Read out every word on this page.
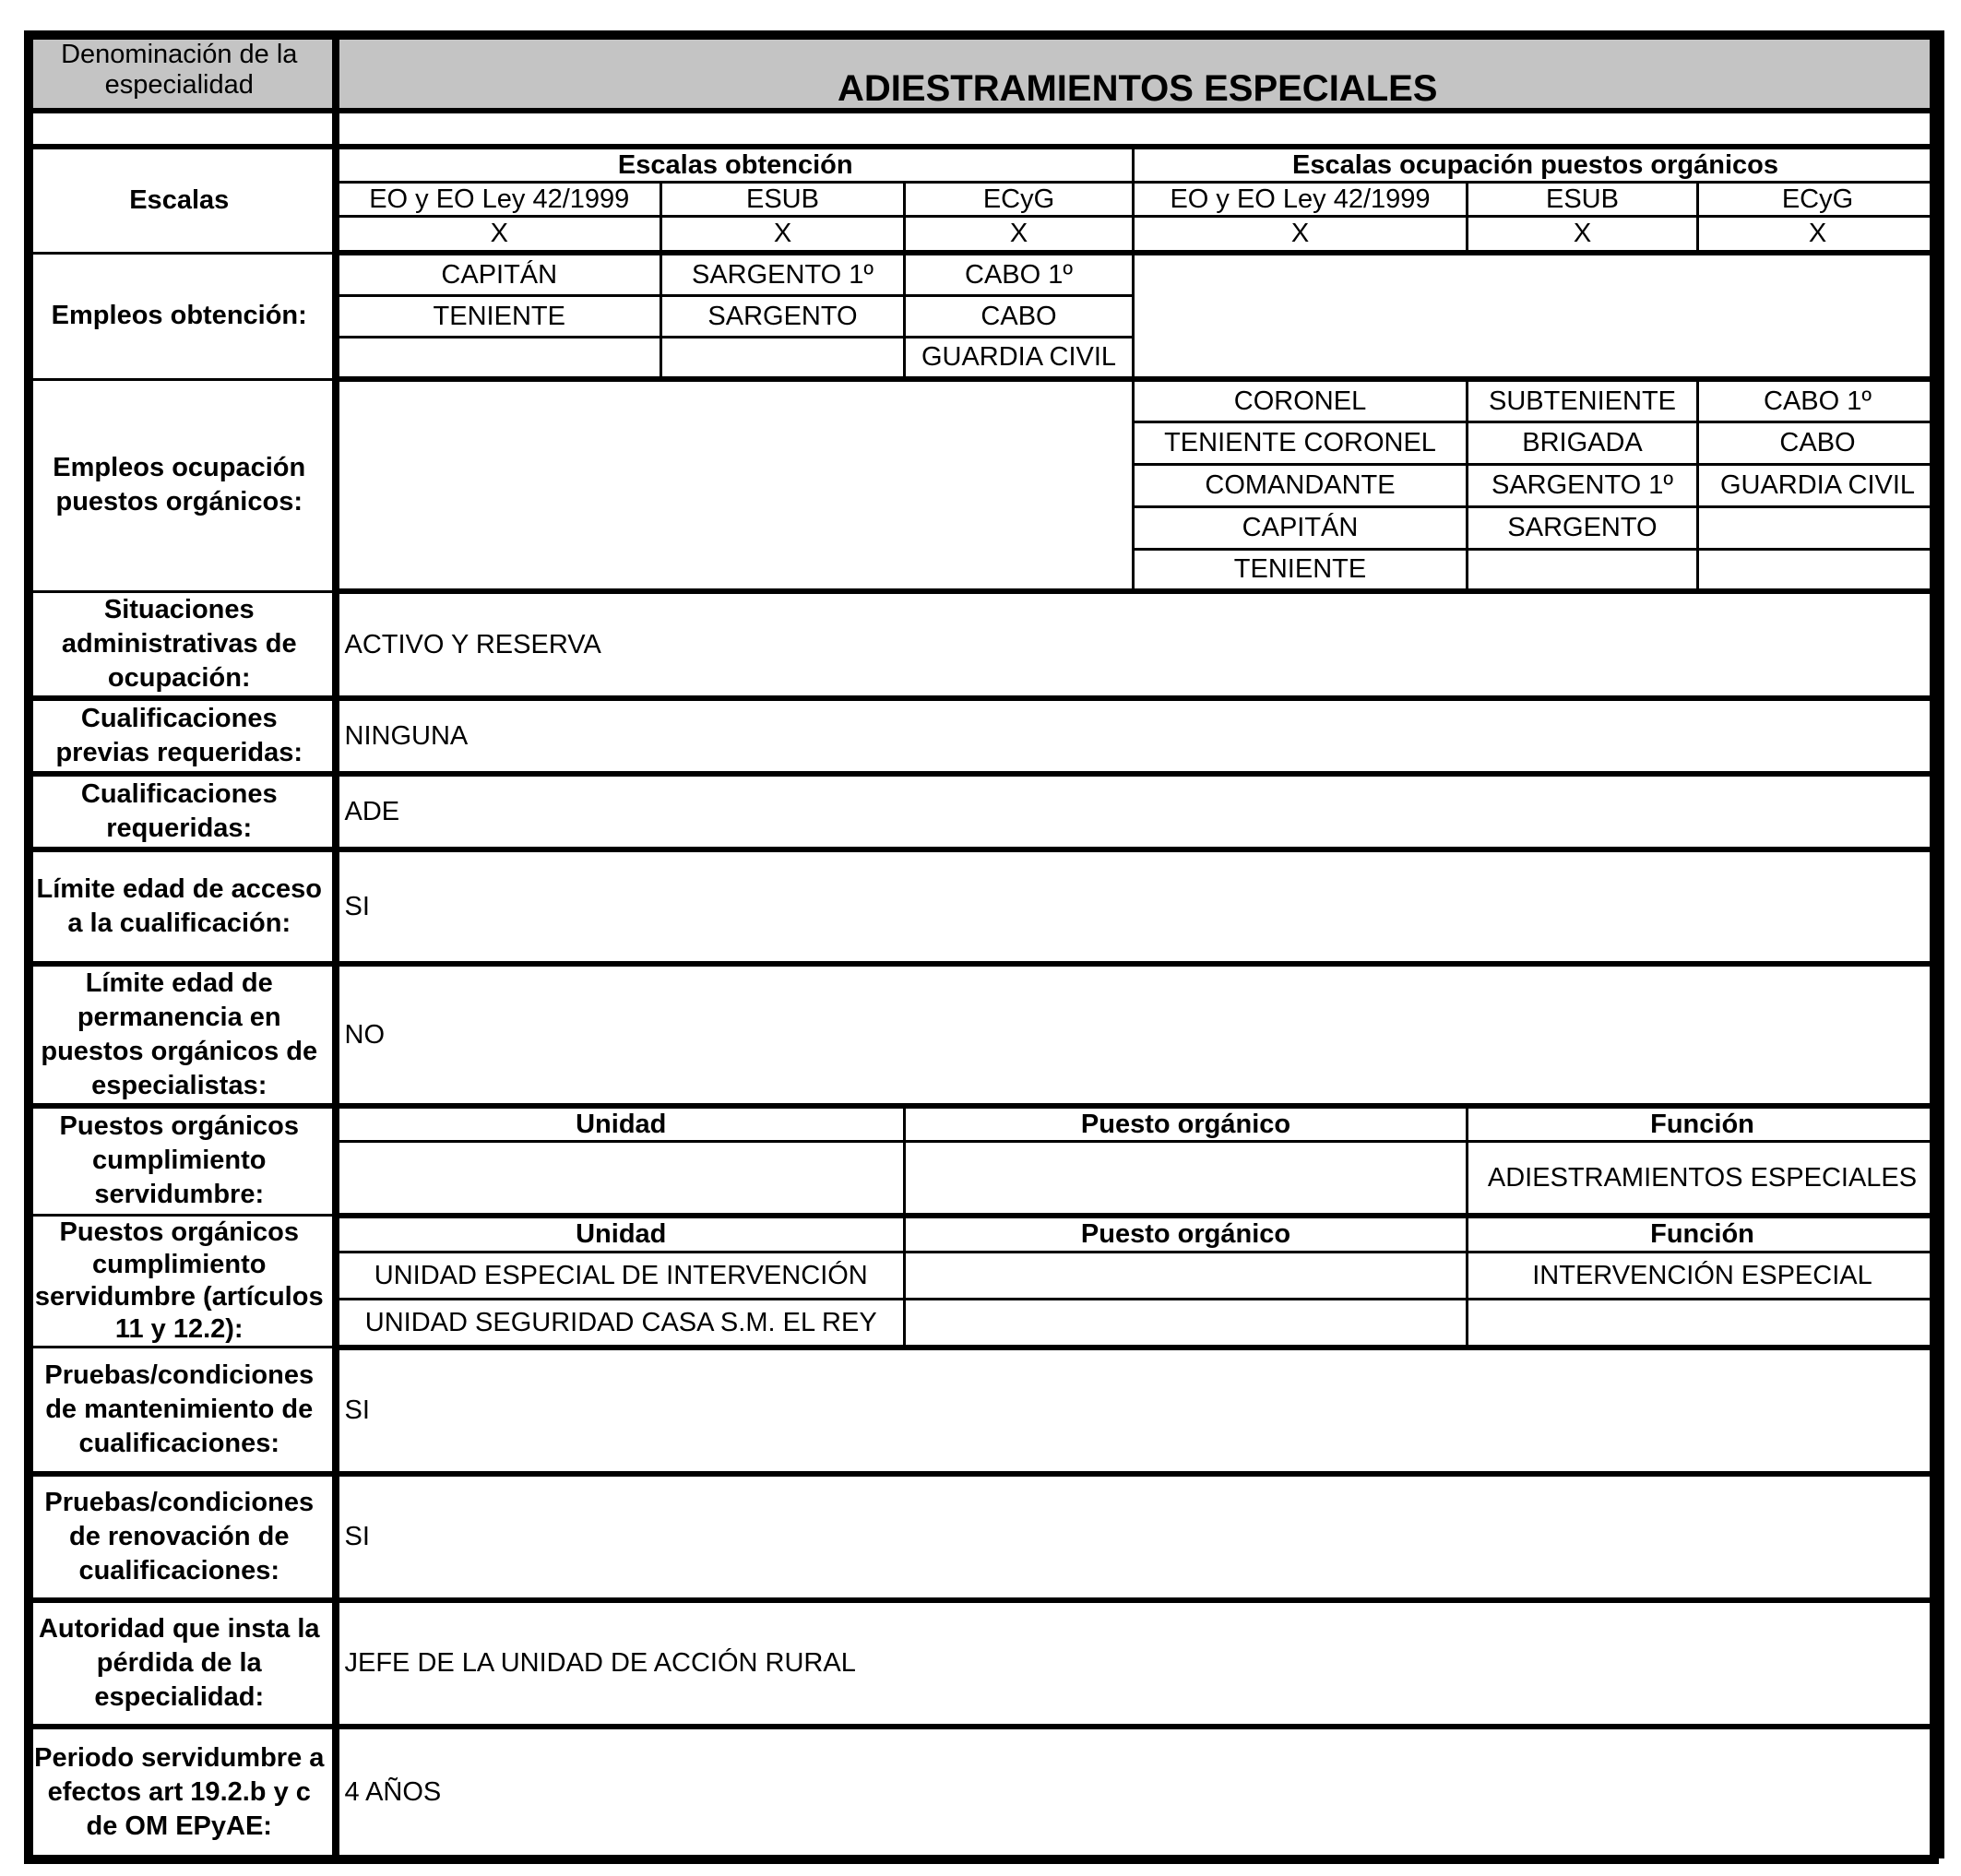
Denominación de la especialidad	ADIESTRAMIENTOS ESPECIALES					

Escalas	Escalas obtención			Escalas ocupación puestos orgánicos		
	EO y EO Ley 42/1999	ESUB	ECyG	EO y EO Ley 42/1999	ESUB	ECyG
	X	X	X	X	X	X
Empleos obtención:	CAPITÁN	SARGENTO 1º	CABO 1º			
	TENIENTE	SARGENTO	CABO			
			GUARDIA CIVIL			
Empleos ocupación puestos orgánicos:				CORONEL	SUBTENIENTE	CABO 1º
				TENIENTE CORONEL	BRIGADA	CABO
				COMANDANTE	SARGENTO 1º	GUARDIA CIVIL
				CAPITÁN	SARGENTO	
				TENIENTE		
Situaciones administrativas de ocupación:	ACTIVO Y RESERVA					
Cualificaciones previas requeridas:	NINGUNA					
Cualificaciones requeridas:	ADE					
Límite edad de acceso a la cualificación:	SI					
Límite edad de permanencia en puestos orgánicos de especialistas:	NO					
Puestos orgánicos cumplimiento servidumbre:	Unidad		Puesto orgánico		Función	
					ADIESTRAMIENTOS ESPECIALES	
Puestos orgánicos cumplimiento servidumbre (artículos 11 y 12.2):	Unidad		Puesto orgánico		Función	
	UNIDAD ESPECIAL DE INTERVENCIÓN				INTERVENCIÓN ESPECIAL	
	UNIDAD SEGURIDAD CASA S.M. EL REY					
Pruebas/condiciones de mantenimiento de cualificaciones:	SI					
Pruebas/condiciones de renovación de cualificaciones:	SI					
Autoridad que insta la pérdida de la especialidad:	JEFE DE LA UNIDAD DE ACCIÓN RURAL					
Periodo servidumbre a efectos art 19.2.b y c de OM EPyAE:	4 AÑOS					
